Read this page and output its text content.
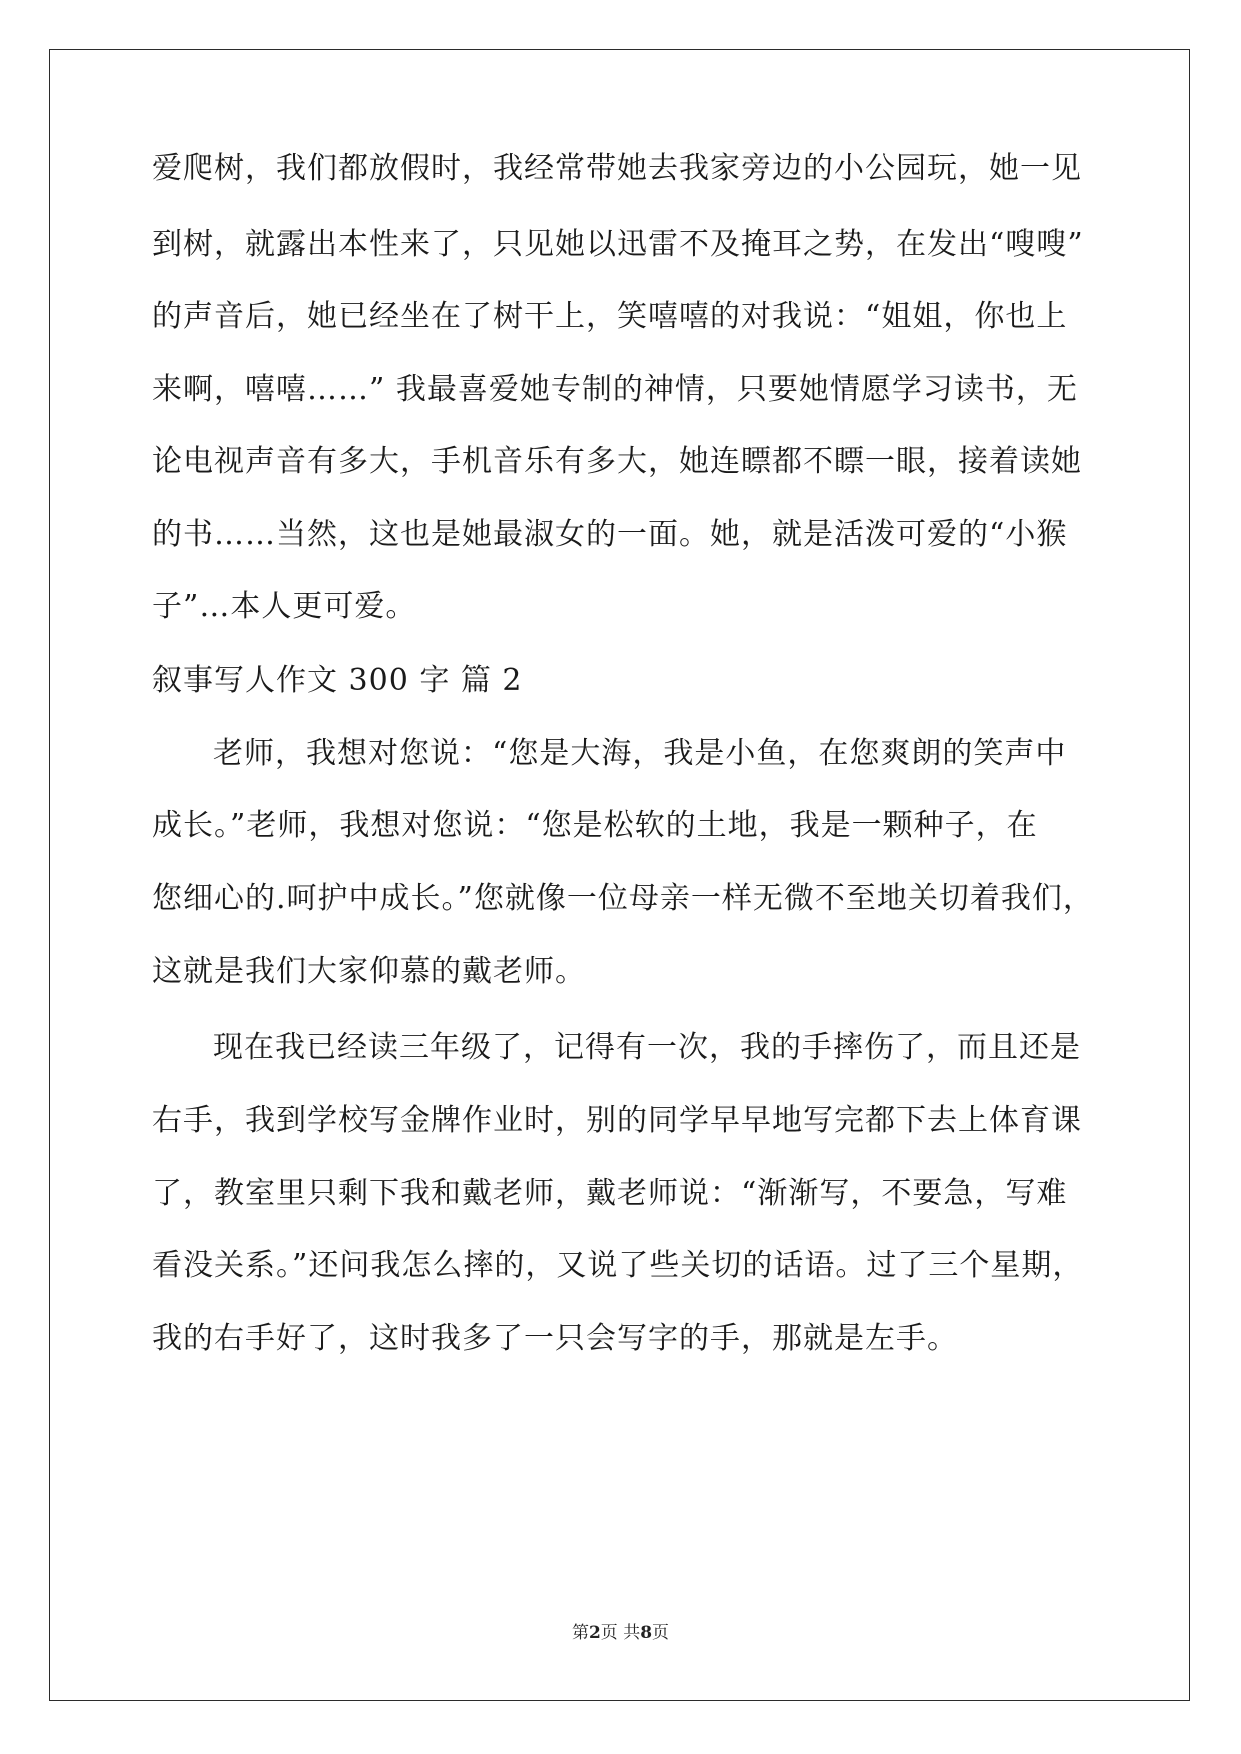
爱爬树，我们都放假时，我经常带她去我家旁边的小公园玩，她一见
到树，就露出本性来了，只见她以迅雷不及掩耳之势，在发出“嗖嗖”
的声音后，她已经坐在了树干上，笑嘻嘻的对我说：“姐姐，你也上
来啊，嘻嘻……” 我最喜爱她专制的神情，只要她情愿学习读书，无
论电视声音有多大，手机音乐有多大，她连瞟都不瞟一眼，接着读她
的书……当然，这也是她最淑女的一面。她，就是活泼可爱的“小猴
子”…本人更可爱。
叙事写人作文 300 字 篇 2
老师，我想对您说：“您是大海，我是小鱼，在您爽朗的笑声中
成长。”老师，我想对您说：“您是松软的土地，我是一颗种子，在
您细心的.呵护中成长。”您就像一位母亲一样无微不至地关切着我们，
这就是我们大家仰慕的戴老师。
现在我已经读三年级了，记得有一次，我的手摔伤了，而且还是
右手，我到学校写金牌作业时，别的同学早早地写完都下去上体育课
了，教室里只剩下我和戴老师，戴老师说：“渐渐写，不要急，写难
看没关系。”还问我怎么摔的，又说了些关切的话语。过了三个星期，
我的右手好了，这时我多了一只会写字的手，那就是左手。
第2页 共8页
